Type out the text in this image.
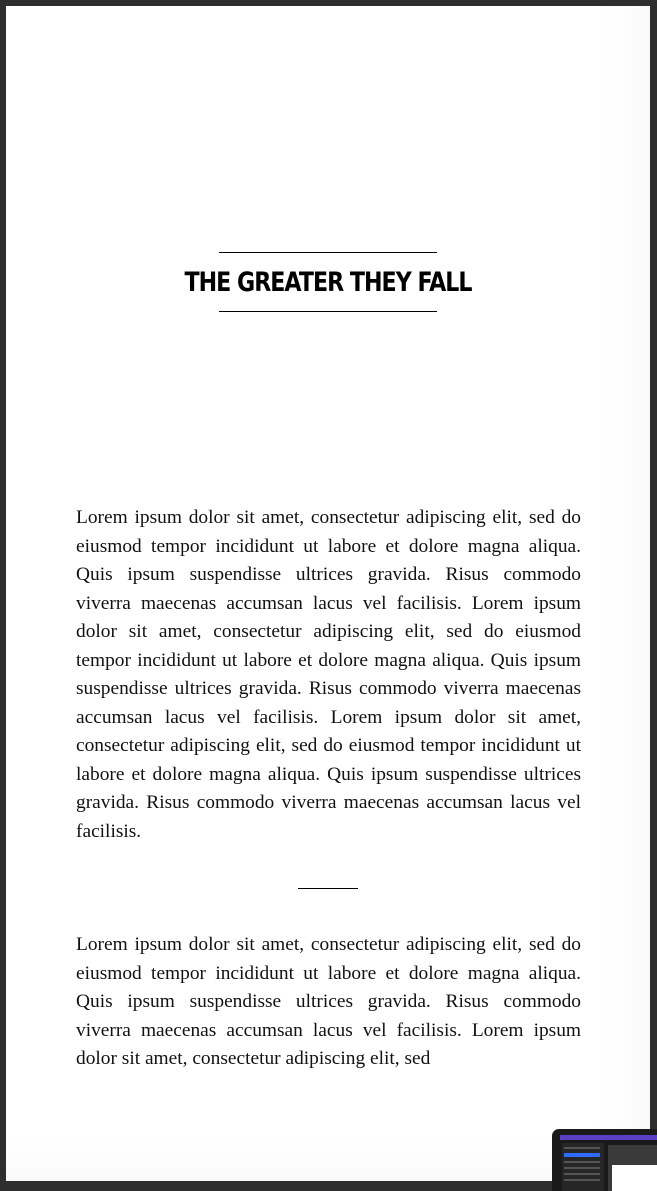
THE GREATER THEY FALL

Lorem ipsum dolor sit amet, consectetur adipiscing elit, sed do eiusmod tempor incididunt ut labore et dolore magna aliqua. Quis ipsum suspendisse ultrices gravida. Risus commodo viverra maecenas accumsan lacus vel facilisis. Lorem ipsum dolor sit amet, consectetur adipiscing elit, sed do eiusmod tempor incididunt ut labore et dolore magna aliqua. Quis ipsum suspendisse ultrices gravida. Risus commodo viverra maecenas accumsan lacus vel facilisis. Lorem ipsum dolor sit amet, consectetur adipiscing elit, sed do eiusmod tempor incididunt ut labore et dolore magna aliqua. Quis ipsum suspendisse ultrices gravida. Risus commodo viverra maecenas accumsan lacus vel facilisis.

Lorem ipsum dolor sit amet, consectetur adipiscing elit, sed do eiusmod tempor incididunt ut labore et dolore magna aliqua. Quis ipsum suspendisse ultrices gravida. Risus commodo viverra maecenas accumsan lacus vel facilisis. Lorem ipsum dolor sit amet, consectetur adipiscing elit, sed
